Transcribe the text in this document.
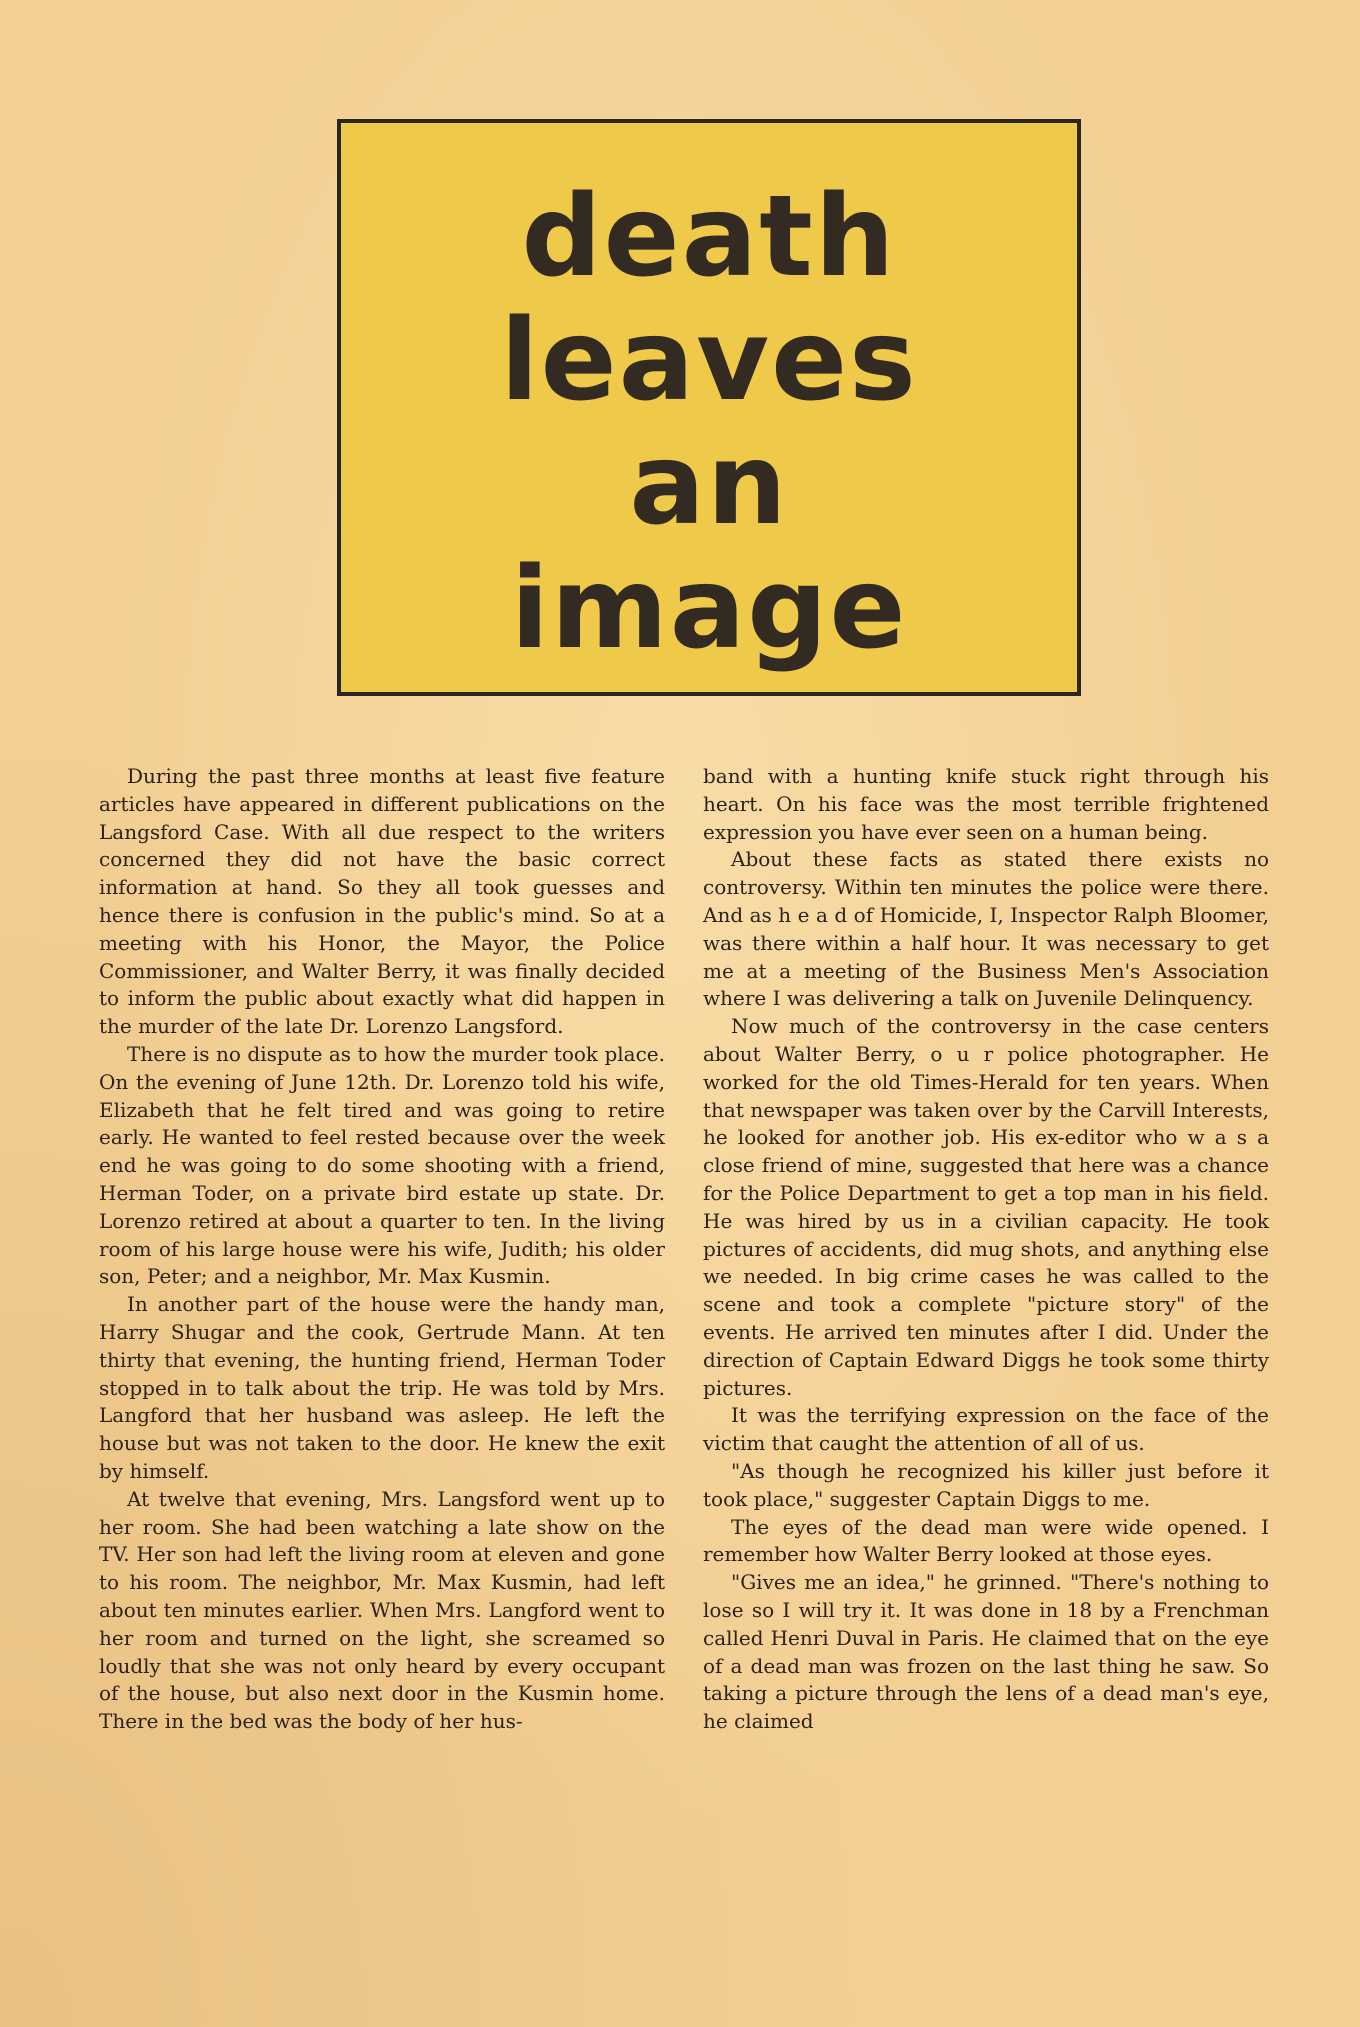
death
leaves
an
image

During the past three months at least five feature articles have appeared in different publications on the Langsford Case. With all due respect to the writers concerned they did not have the basic correct information at hand. So they all took guesses and hence there is confusion in the public's mind. So at a meeting with his Honor, the Mayor, the Police Commissioner, and Walter Berry, it was finally decided to inform the public about exactly what did happen in the murder of the late Dr. Lorenzo Langsford.

There is no dispute as to how the murder took place. On the evening of June 12th. Dr. Lorenzo told his wife, Elizabeth that he felt tired and was going to retire early. He wanted to feel rested because over the week end he was going to do some shooting with a friend, Herman Toder, on a private bird estate up state. Dr. Lorenzo retired at about a quarter to ten. In the living room of his large house were his wife, Judith; his older son, Peter; and a neighbor, Mr. Max Kusmin.

In another part of the house were the handy man, Harry Shugar and the cook, Gertrude Mann. At ten thirty that evening, the hunting friend, Herman Toder stopped in to talk about the trip. He was told by Mrs. Langford that her husband was asleep. He left the house but was not taken to the door. He knew the exit by himself.

At twelve that evening, Mrs. Langsford went up to her room. She had been watching a late show on the TV. Her son had left the living room at eleven and gone to his room. The neighbor, Mr. Max Kusmin, had left about ten minutes earlier. When Mrs. Langford went to her room and turned on the light, she screamed so loudly that she was not only heard by every occupant of the house, but also next door in the Kusmin home. There in the bed was the body of her hus-

band with a hunting knife stuck right through his heart. On his face was the most terrible frightened expression you have ever seen on a human being.

About these facts as stated there exists no controversy. Within ten minutes the police were there. And as h e a d of Homicide, I, Inspector Ralph Bloomer, was there within a half hour. It was necessary to get me at a meeting of the Business Men's Association where I was delivering a talk on Juvenile Delinquency.

Now much of the controversy in the case centers about Walter Berry, o u r police photographer. He worked for the old Times-Herald for ten years. When that newspaper was taken over by the Carvill Interests, he looked for another job. His ex-editor who w a s a close friend of mine, suggested that here was a chance for the Police Department to get a top man in his field. He was hired by us in a civilian capacity. He took pictures of accidents, did mug shots, and anything else we needed. In big crime cases he was called to the scene and took a complete "picture story" of the events. He arrived ten minutes after I did. Under the direction of Captain Edward Diggs he took some thirty pictures.

It was the terrifying expression on the face of the victim that caught the attention of all of us.

"As though he recognized his killer just before it took place," suggester Captain Diggs to me.

The eyes of the dead man were wide opened. I remember how Walter Berry looked at those eyes.

"Gives me an idea," he grinned. "There's nothing to lose so I will try it. It was done in 18 by a Frenchman called Henri Duval in Paris. He claimed that on the eye of a dead man was frozen on the last thing he saw. So taking a picture through the lens of a dead man's eye, he claimed
